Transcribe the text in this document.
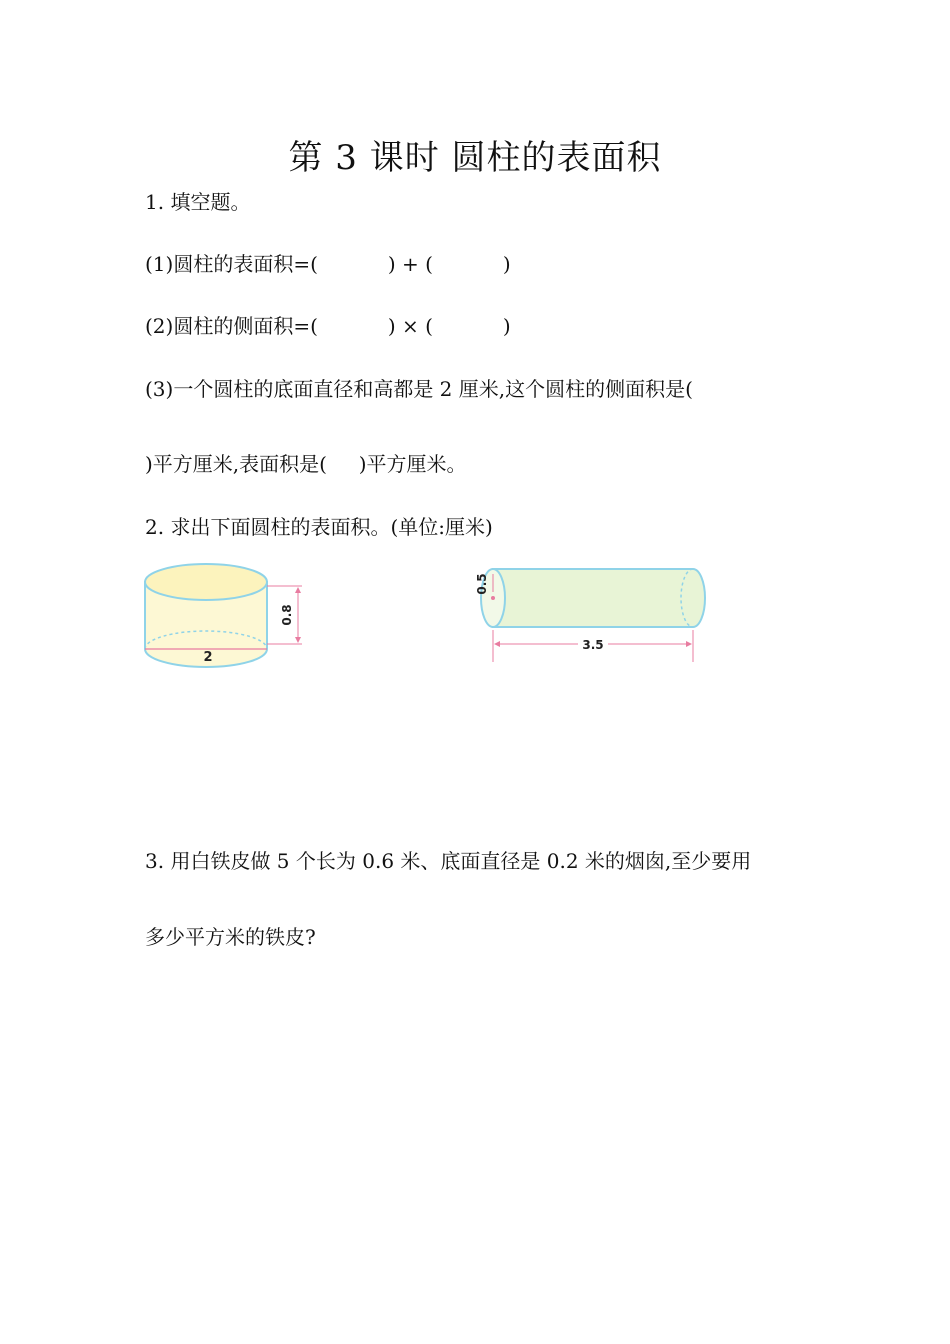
第 3 课时 圆柱的表面积
1. 填空题。
(1)圆柱的表面积=(           ) + (           )
(2)圆柱的侧面积=(           ) × (           )
(3)一个圆柱的底面直径和高都是 2 厘米,这个圆柱的侧面积是(
)平方厘米,表面积是(     )平方厘米。
2. 求出下面圆柱的表面积。(单位:厘米)
2
0.8
0.5
3.5
3. 用白铁皮做 5 个长为 0.6 米、底面直径是 0.2 米的烟囱,至少要用
多少平方米的铁皮?
